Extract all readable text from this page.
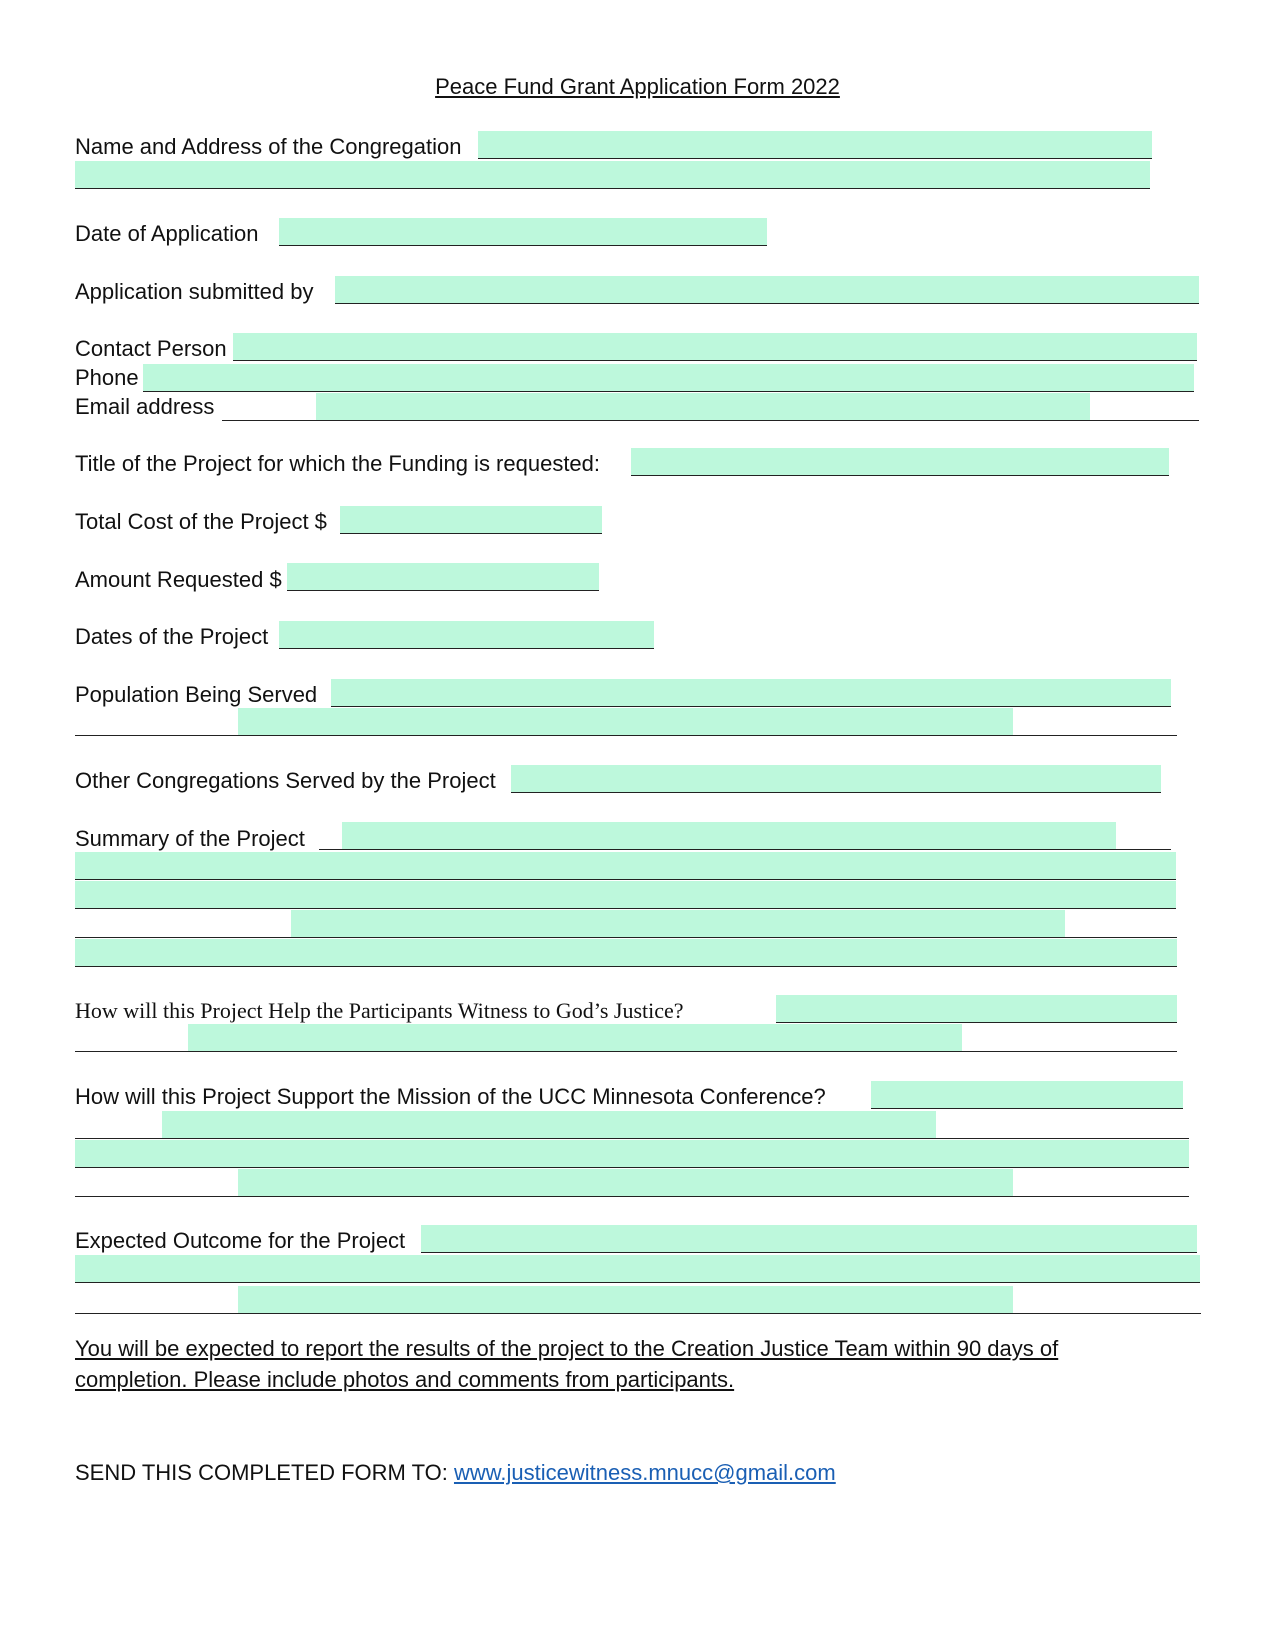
Peace Fund Grant Application Form 2022
Name and Address of the Congregation
Date of Application
Application submitted by
Contact Person
Phone
Email address
Title of the Project for which the Funding is requested:
Total Cost of the Project $
Amount Requested $
Dates of the Project
Population Being Served
Other Congregations Served by the Project
Summary of the Project
How will this Project Help the Participants Witness to God’s Justice?
How will this Project Support the Mission of the UCC Minnesota Conference?
Expected Outcome for the Project
You will be expected to report the results of the project to the Creation Justice Team within 90 days of completion. Please include photos and comments from participants.
SEND THIS COMPLETED FORM TO: www.justicewitness.mnucc@gmail.com
